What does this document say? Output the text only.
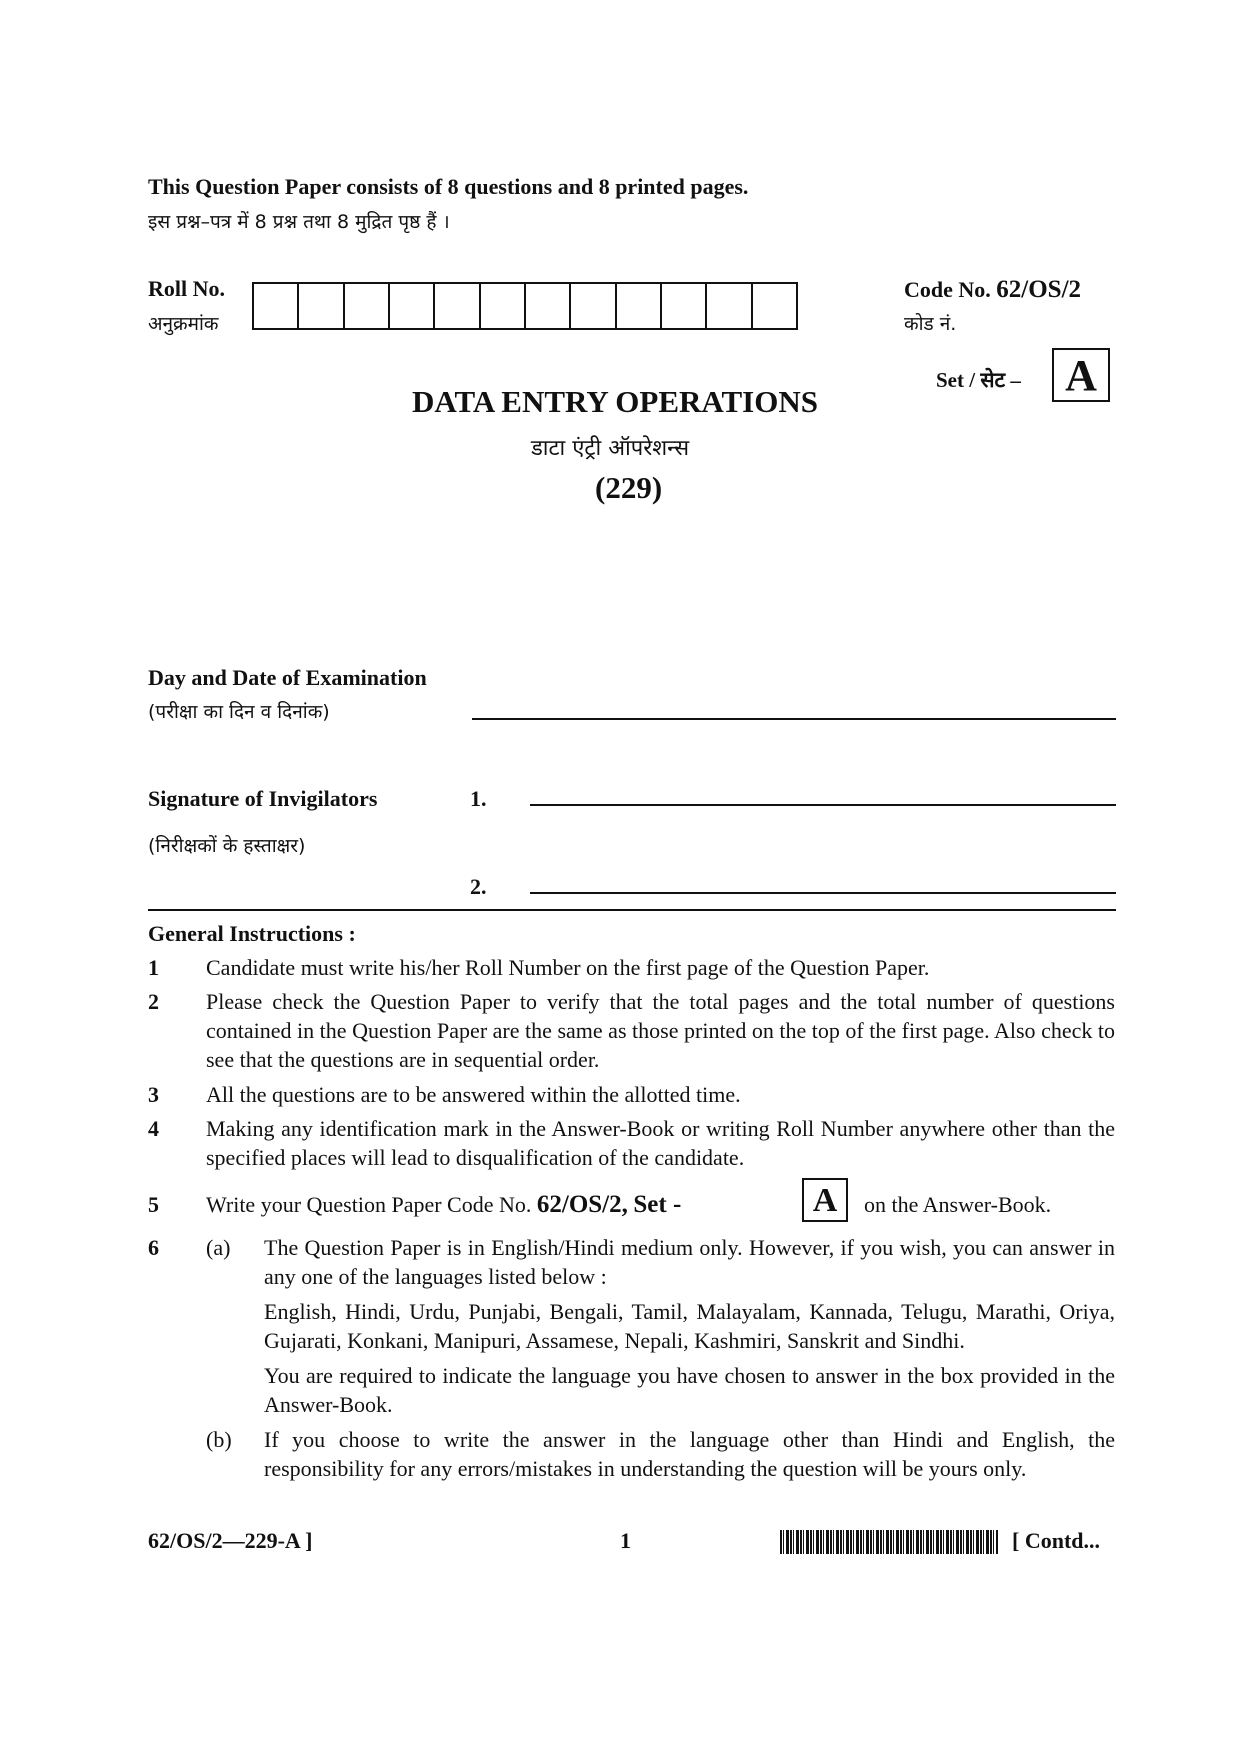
This Question Paper consists of 8 questions and 8 printed pages.
इस प्रश्न–पत्र में 8 प्रश्न तथा 8 मुद्रित पृष्ठ हैं ।
Roll No.
अनुक्रमांक
Code No. 62/OS/2
कोड नं.
Set / सेट – A
DATA ENTRY OPERATIONS
डाटा एंट्री ऑपरेशन्स
(229)
Day and Date of Examination
(परीक्षा का दिन व दिनांक)
Signature of Invigilators	1.
(निरीक्षकों के हस्ताक्षर)
2.
General Instructions :
1 Candidate must write his/her Roll Number on the first page of the Question Paper.
2 Please check the Question Paper to verify that the total pages and the total number of questions contained in the Question Paper are the same as those printed on the top of the first page. Also check to see that the questions are in sequential order.
3 All the questions are to be answered within the allotted time.
4 Making any identification mark in the Answer-Book or writing Roll Number anywhere other than the specified places will lead to disqualification of the candidate.
5 Write your Question Paper Code No. 62/OS/2, Set -	A	on the Answer-Book.
6 (a) The Question Paper is in English/Hindi medium only. However, if you wish, you can answer in any one of the languages listed below :
English, Hindi, Urdu, Punjabi, Bengali, Tamil, Malayalam, Kannada, Telugu, Marathi, Oriya, Gujarati, Konkani, Manipuri, Assamese, Nepali, Kashmiri, Sanskrit and Sindhi.
You are required to indicate the language you have chosen to answer in the box provided in the Answer-Book.
(b) If you choose to write the answer in the language other than Hindi and English, the responsibility for any errors/mistakes in understanding the question will be yours only.
62/OS/2—229-A ]	1	[ Contd...
